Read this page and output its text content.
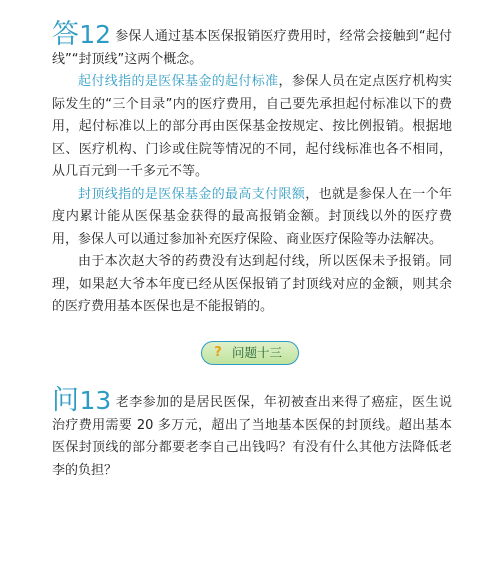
答12 参保人通过基本医保报销医疗费用时，经常会接触到“起付线”“封顶线”这两个概念。

起付线指的是医保基金的起付标准，参保人员在定点医疗机构实际发生的“三个目录”内的医疗费用，自己要先承担起付标准以下的费用，起付标准以上的部分再由医保基金按规定、按比例报销。根据地区、医疗机构、门诊或住院等情况的不同，起付线标准也各不相同，从几百元到一千多元不等。

封顶线指的是医保基金的最高支付限额，也就是参保人在一个年度内累计能从医保基金获得的最高报销金额。封顶线以外的医疗费用，参保人可以通过参加补充医疗保险、商业医疗保险等办法解决。

由于本次赵大爷的药费没有达到起付线，所以医保未予报销。同理，如果赵大爷本年度已经从医保报销了封顶线对应的金额，则其余的医疗费用基本医保也是不能报销的。

? 问题十三

问13 老李参加的是居民医保，年初被查出来得了癌症，医生说治疗费用需要 20 多万元，超出了当地基本医保的封顶线。超出基本医保封顶线的部分都要老李自己出钱吗？有没有什么其他方法降低老李的负担？
